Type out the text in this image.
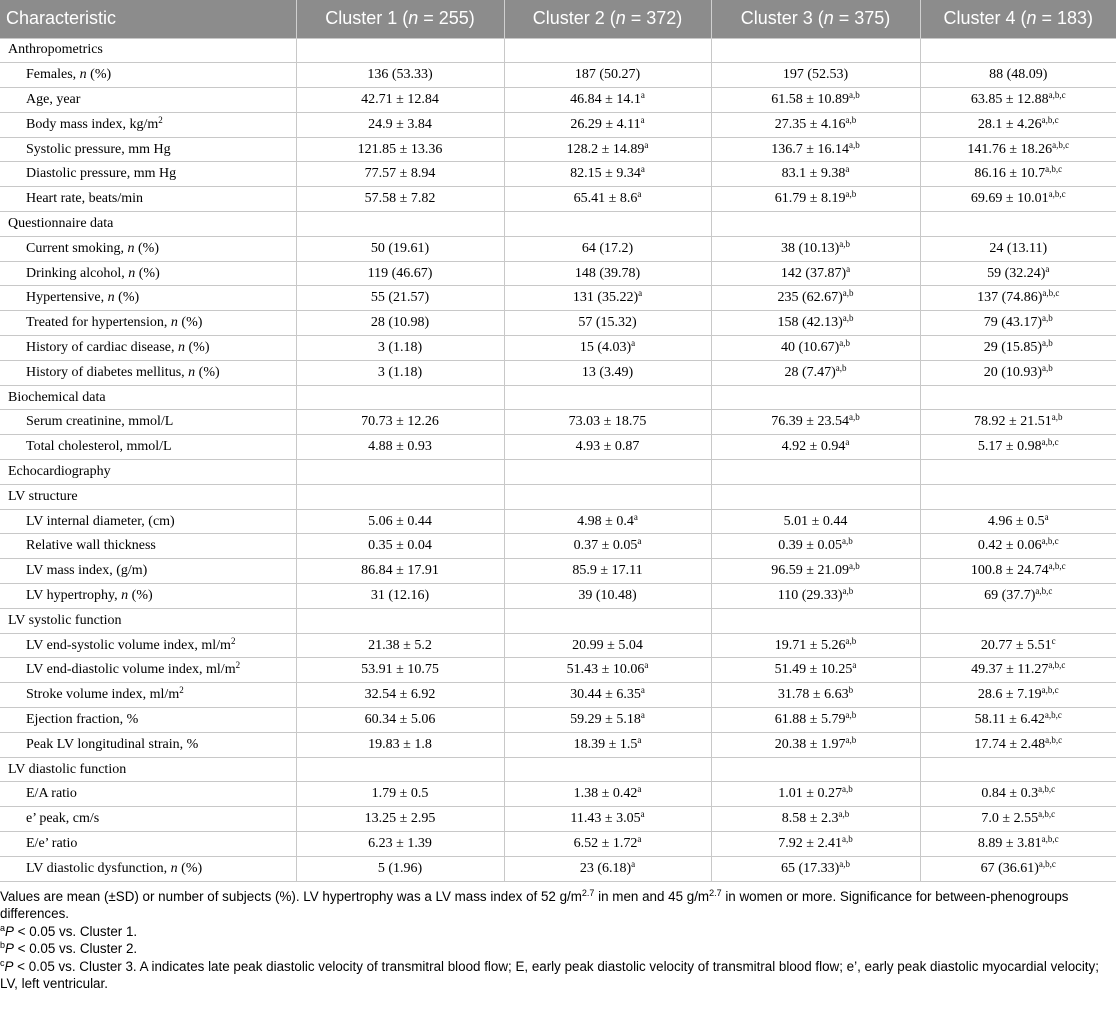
Characteristic	Cluster 1 (n = 255)	Cluster 2 (n = 372)	Cluster 3 (n = 375)	Cluster 4 (n = 183)
Anthropometrics				
Females, n (%)	136 (53.33)	187 (50.27)	197 (52.53)	88 (48.09)
Age, year	42.71 ± 12.84	46.84 ± 14.1$^a$	$61.58 \pm 10.89^{a,b}$	$63.85 \pm 12.88^{a,b,c}$
Body mass index, $kg/m^2$	24.9 ± 3.84	26.29 ± 4.11$^a$	$27.35 \pm 4.16^{a,b}$	$28.1 \pm 4.26^{a,b,c}$
Systolic pressure, mm Hg	121.85 ± 13.36	128.2 ± 14.89$^a$	$136.7 \pm 16.14^{a,b}$	$141.76 \pm 18.26^{a,b,c}$
Diastolic pressure, mm Hg	77.57 ± 8.94	82.15 ± 9.34$^a$	83.1 ± 9.38$^a$	$86.16 \pm 10.7^{a,b,c}$
Heart rate, beats/min	57.58 ± 7.82	65.41 ± 8.6$^a$	$61.79 \pm 8.19^{a,b}$	$69.69 \pm 10.01^{a,b,c}$
Questionnaire data				
Current smoking, n (%)	50 (19.61)	64 (17.2)	38 $(10.13)^{a,b}$	24 (13.11)
Drinking alcohol, n (%)	119 (46.67)	148 (39.78)	142 $(37.87)^a$	59 $(32.24)^a$
Hypertensive, n (%)	55 (21.57)	131 $(35.22)^a$	235 $(62.67)^{a,b}$	137 $(74.86)^{a,b,c}$
Treated for hypertension, n (%)	28 (10.98)	57 (15.32)	158 $(42.13)^{a,b}$	79 $(43.17)^{a,b}$
History of cardiac disease, n (%)	3 (1.18)	15 $(4.03)^a$	40 $(10.67)^{a,b}$	29 $(15.85)^{a,b}$
History of diabetes mellitus, n (%)	3 (1.18)	13 (3.49)	28 $(7.47)^{a,b}$	20 $(10.93)^{a,b}$
Biochemical data				
Serum creatinine, mmol/L	70.73 ± 12.26	73.03 ± 18.75	$76.39 \pm 23.54^{a,b}$	$78.92 \pm 21.51^{a,b}$
Total cholesterol, mmol/L	4.88 ± 0.93	4.93 ± 0.87	4.92 ± 0.94$^a$	$5.17 \pm 0.98^{a,b,c}$
Echocardiography				
LV structure				
LV internal diameter, (cm)	5.06 ± 0.44	4.98 ± 0.4$^a$	5.01 ± 0.44	4.96 ± 0.5$^a$
Relative wall thickness	0.35 ± 0.04	0.37 ± 0.05$^a$	$0.39 \pm 0.05^{a,b}$	$0.42 \pm 0.06^{a,b,c}$
LV mass index, (g/m)	86.84 ± 17.91	85.9 ± 17.11	$96.59 \pm 21.09^{a,b}$	$100.8 \pm 24.74^{a,b,c}$
LV hypertrophy, n (%)	31 (12.16)	39 (10.48)	110 $(29.33)^{a,b}$	69 $(37.7)^{a,b,c}$
LV systolic function				
LV end-systolic volume index, $ml/m^2$	21.38 ± 5.2	20.99 ± 5.04	$19.71 \pm 5.26^{a,b}$	20.77 ± 5.51$^c$
LV end-diastolic volume index, $ml/m^2$	53.91 ± 10.75	51.43 ± 10.06$^a$	51.49 ± 10.25$^a$	$49.37 \pm 11.27^{a,b,c}$
Stroke volume index, $ml/m^2$	32.54 ± 6.92	30.44 ± 6.35$^a$	31.78 ± 6.63$^b$	$28.6 \pm 7.19^{a,b,c}$
Ejection fraction, %	60.34 ± 5.06	59.29 ± 5.18$^a$	$61.88 \pm 5.79^{a,b}$	$58.11 \pm 6.42^{a,b,c}$
Peak LV longitudinal strain, %	19.83 ± 1.8	18.39 ± 1.5$^a$	$20.38 \pm 1.97^{a,b}$	$17.74 \pm 2.48^{a,b,c}$
LV diastolic function				
E/A ratio	1.79 ± 0.5	1.38 ± 0.42$^a$	$1.01 \pm 0.27^{a,b}$	$0.84 \pm 0.3^{a,b,c}$
e’ peak, cm/s	13.25 ± 2.95	11.43 ± 3.05$^a$	$8.58 \pm 2.3^{a,b}$	$7.0 \pm 2.55^{a,b,c}$
E/e’ ratio	6.23 ± 1.39	6.52 ± 1.72$^a$	$7.92 \pm 2.41^{a,b}$	$8.89 \pm 3.81^{a,b,c}$
LV diastolic dysfunction, n (%)	5 (1.96)	23 $(6.18)^a$	65 $(17.33)^{a,b}$	67 $(36.61)^{a,b,c}$

Values are mean (±SD) or number of subjects (%). LV hypertrophy was a LV mass index of 52 $g/m^{2.7}$ in men and 45 $g/m^{2.7}$ in women or more. Significance for between-phenogroups differences.

$^a$P < 0.05 vs. Cluster 1.

$^b$P < 0.05 vs. Cluster 2.

$^c$P < 0.05 vs. Cluster 3. A indicates late peak diastolic velocity of transmitral blood flow; E, early peak diastolic velocity of transmitral blood flow; e’, early peak diastolic myocardial velocity; LV, left ventricular.
